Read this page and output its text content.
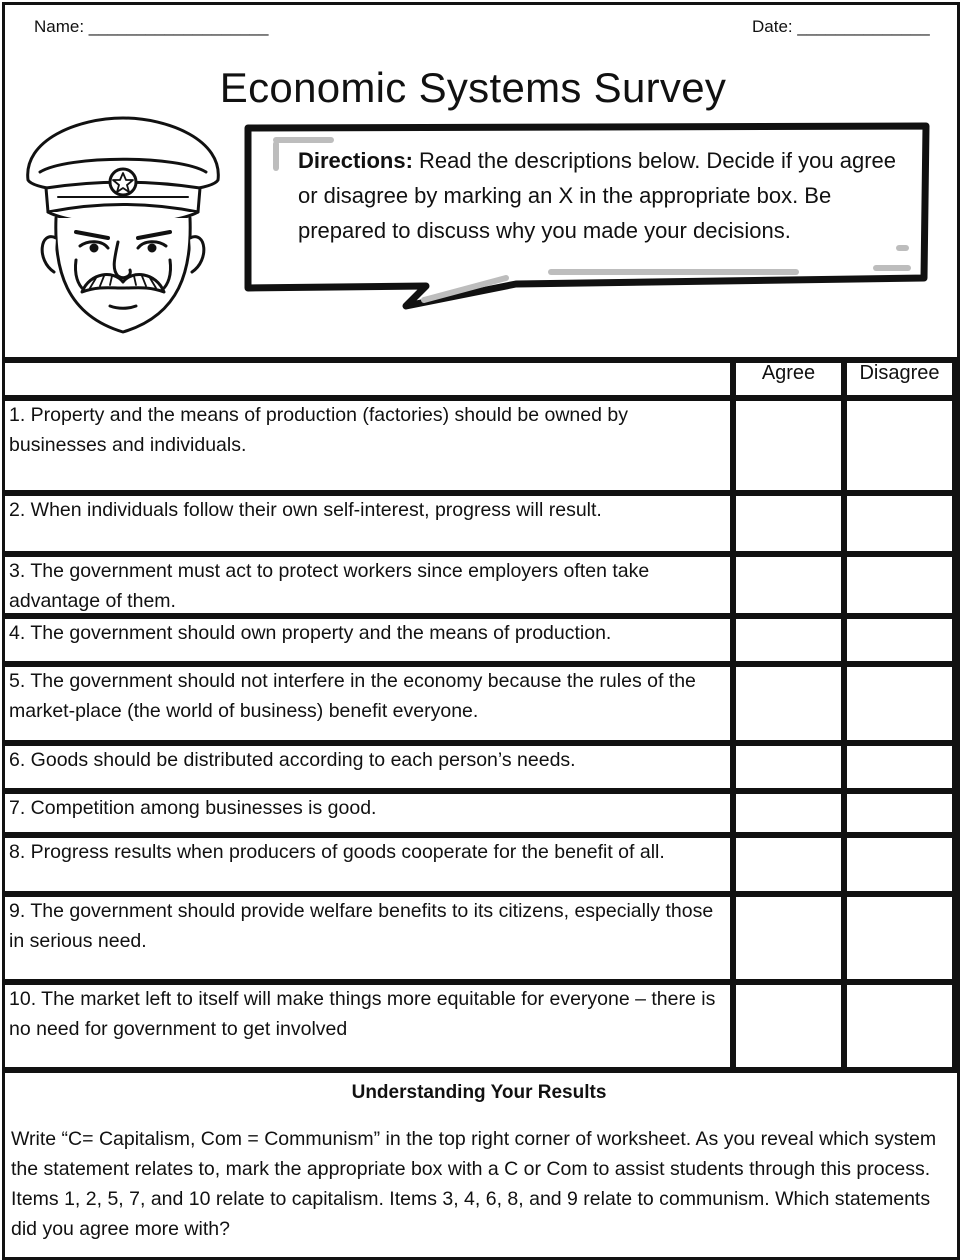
Name: ___________________	Date: ______________
Economic Systems Survey
Directions: Read the descriptions below. Decide if you agree or disagree by marking an X in the appropriate box. Be prepared to discuss why you made your decisions.
Agree	Disagree
1. Property and the means of production (factories) should be owned by businesses and individuals.
2. When individuals follow their own self-interest, progress will result.
3. The government must act to protect workers since employers often take advantage of them.
4. The government should own property and the means of production.
5. The government should not interfere in the economy because the rules of the market-place (the world of business) benefit everyone.
6. Goods should be distributed according to each person’s needs.
7. Competition among businesses is good.
8. Progress results when producers of goods cooperate for the benefit of all.
9. The government should provide welfare benefits to its citizens, especially those in serious need.
10. The market left to itself will make things more equitable for everyone – there is no need for government to get involved
Understanding Your Results
Write “C= Capitalism, Com = Communism” in the top right corner of worksheet. As you reveal which system the statement relates to, mark the appropriate box with a C or Com to assist students through this process. Items 1, 2, 5, 7, and 10 relate to capitalism. Items 3, 4, 6, 8, and 9 relate to communism. Which statements did you agree more with?
